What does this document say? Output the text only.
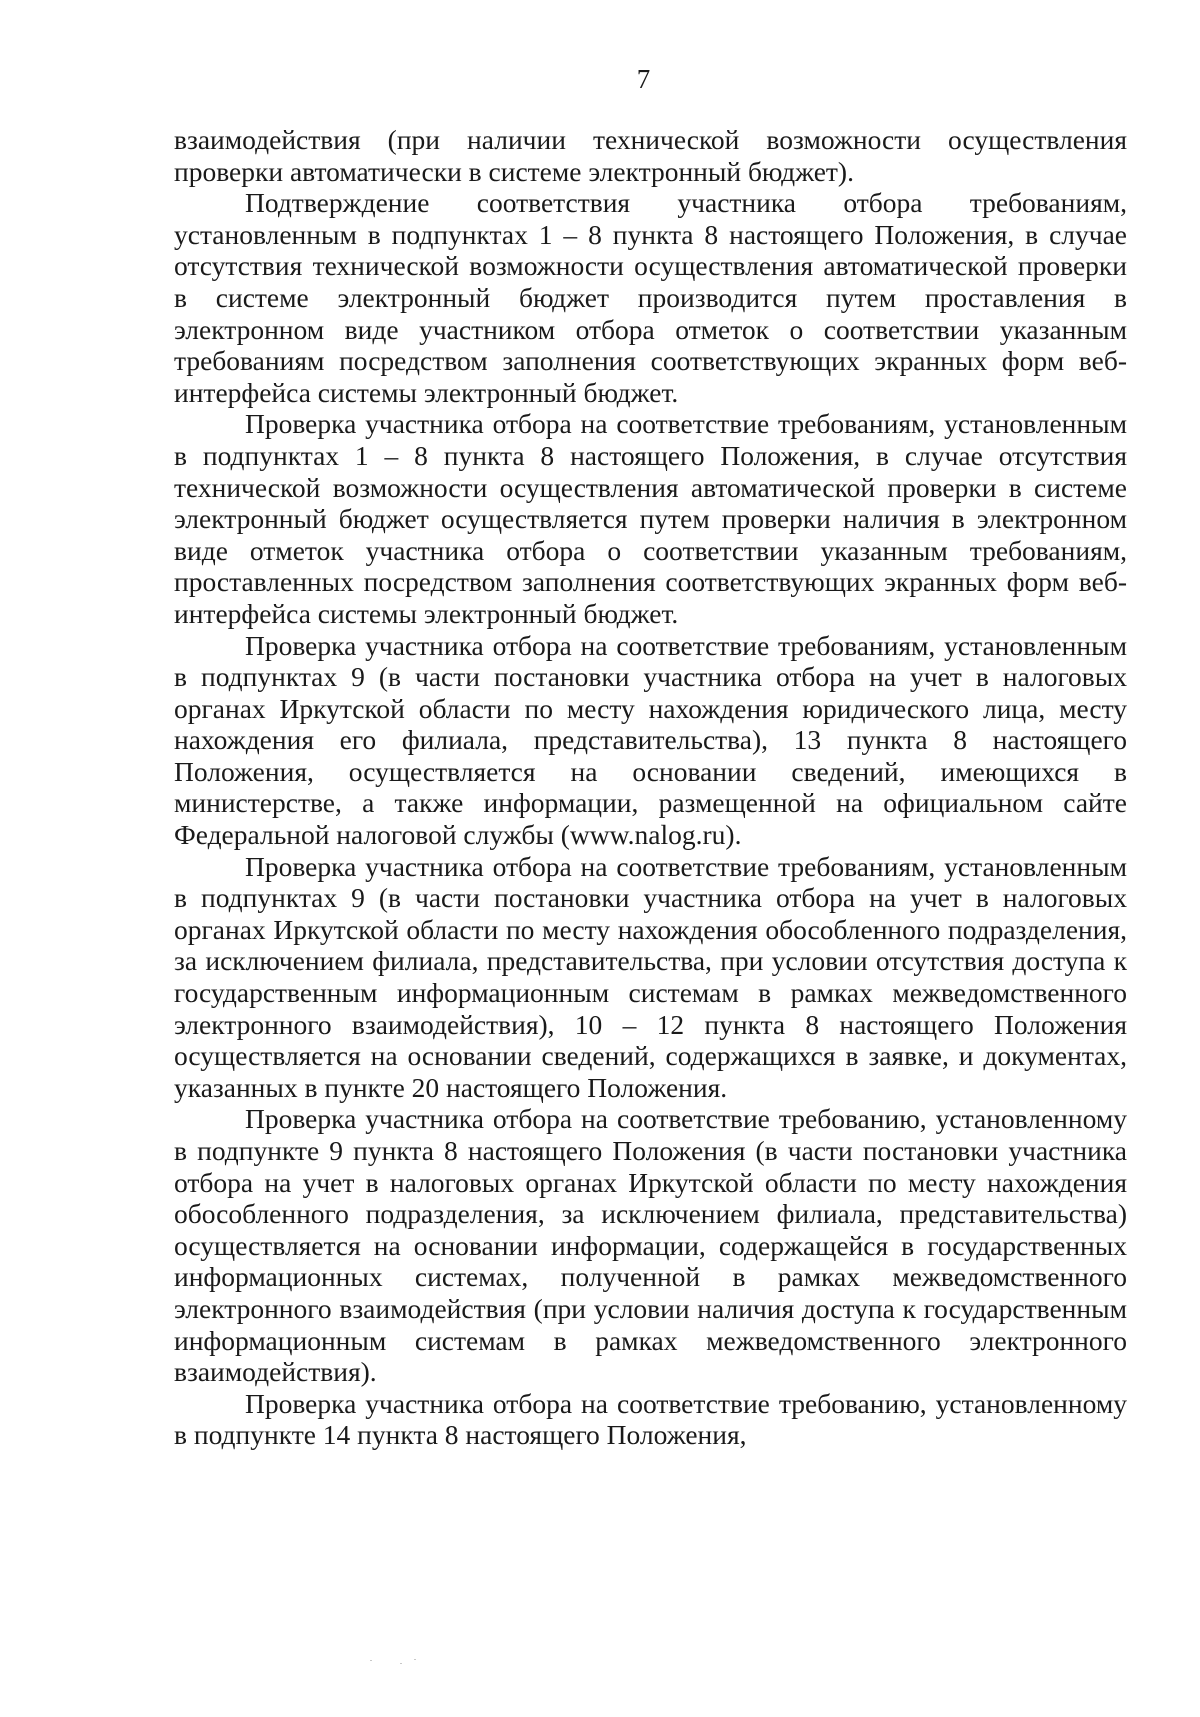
7

взаимодействия (при наличии технической возможности осуществления проверки автоматически в системе электронный бюджет).

Подтверждение соответствия участника отбора требованиям, установленным в подпунктах 1 – 8 пункта 8 настоящего Положения, в случае отсутствия технической возможности осуществления автоматической проверки в системе электронный бюджет производится путем проставления в электронном виде участником отбора отметок о соответствии указанным требованиям посредством заполнения соответствующих экранных форм веб-интерфейса системы электронный бюджет.

Проверка участника отбора на соответствие требованиям, установленным в подпунктах 1 – 8 пункта 8 настоящего Положения, в случае отсутствия технической возможности осуществления автоматической проверки в системе электронный бюджет осуществляется путем проверки наличия в электронном виде отметок участника отбора о соответствии указанным требованиям, проставленных посредством заполнения соответствующих экранных форм веб-интерфейса системы электронный бюджет.

Проверка участника отбора на соответствие требованиям, установленным в подпунктах 9 (в части постановки участника отбора на учет в налоговых органах Иркутской области по месту нахождения юридического лица, месту нахождения его филиала, представительства), 13 пункта 8 настоящего Положения, осуществляется на основании сведений, имеющихся в министерстве, а также информации, размещенной на официальном сайте Федеральной налоговой службы (www.nalog.ru).

Проверка участника отбора на соответствие требованиям, установленным в подпунктах 9 (в части постановки участника отбора на учет в налоговых органах Иркутской области по месту нахождения обособленного подразделения, за исключением филиала, представительства, при условии отсутствия доступа к государственным информационным системам в рамках межведомственного электронного взаимодействия), 10 – 12 пункта 8 настоящего Положения осуществляется на основании сведений, содержащихся в заявке, и документах, указанных в пункте 20 настоящего Положения.

Проверка участника отбора на соответствие требованию, установленному в подпункте 9 пункта 8 настоящего Положения (в части постановки участника отбора на учет в налоговых органах Иркутской области по месту нахождения обособленного подразделения, за исключением филиала, представительства) осуществляется на основании информации, содержащейся в государственных информационных системах, полученной в рамках межведомственного электронного взаимодействия (при условии наличия доступа к государственным информационным системам в рамках межведомственного электронного взаимодействия).

Проверка участника отбора на соответствие требованию, установленному в подпункте 14 пункта 8 настоящего Положения,
